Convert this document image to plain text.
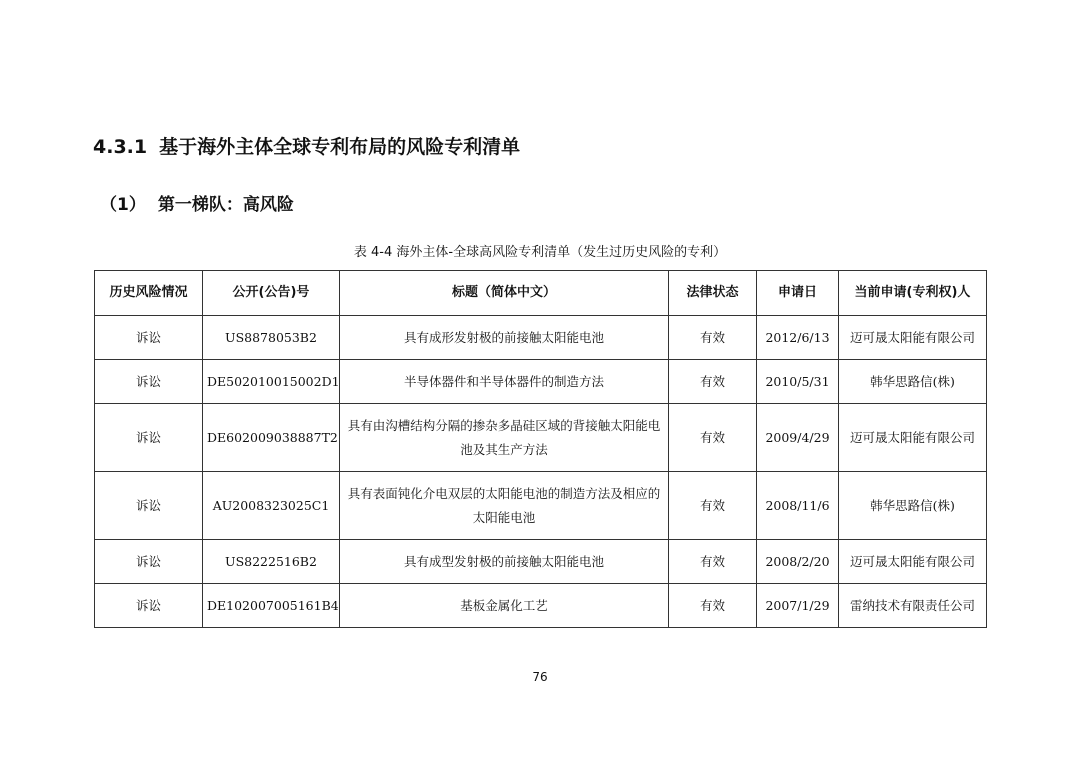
4.3.1 基于海外主体全球专利布局的风险专利清单
（1） 第一梯队：高风险
表 4-4 海外主体-全球高风险专利清单（发生过历史风险的专利）
历史风险情况	公开(公告)号	标题（简体中文）	法律状态	申请日	当前申请(专利权)人
诉讼	US8878053B2	具有成形发射极的前接触太阳能电池	有效	2012/6/13	迈可晟太阳能有限公司
诉讼	DE502010015002D1	半导体器件和半导体器件的制造方法	有效	2010/5/31	韩华思路信(株)
诉讼	DE602009038887T2	具有由沟槽结构分隔的掺杂多晶硅区域的背接触太阳能电池及其生产方法	有效	2009/4/29	迈可晟太阳能有限公司
诉讼	AU2008323025C1	具有表面钝化介电双层的太阳能电池的制造方法及相应的太阳能电池	有效	2008/11/6	韩华思路信(株)
诉讼	US8222516B2	具有成型发射极的前接触太阳能电池	有效	2008/2/20	迈可晟太阳能有限公司
诉讼	DE102007005161B4	基板金属化工艺	有效	2007/1/29	雷纳技术有限责任公司
76
